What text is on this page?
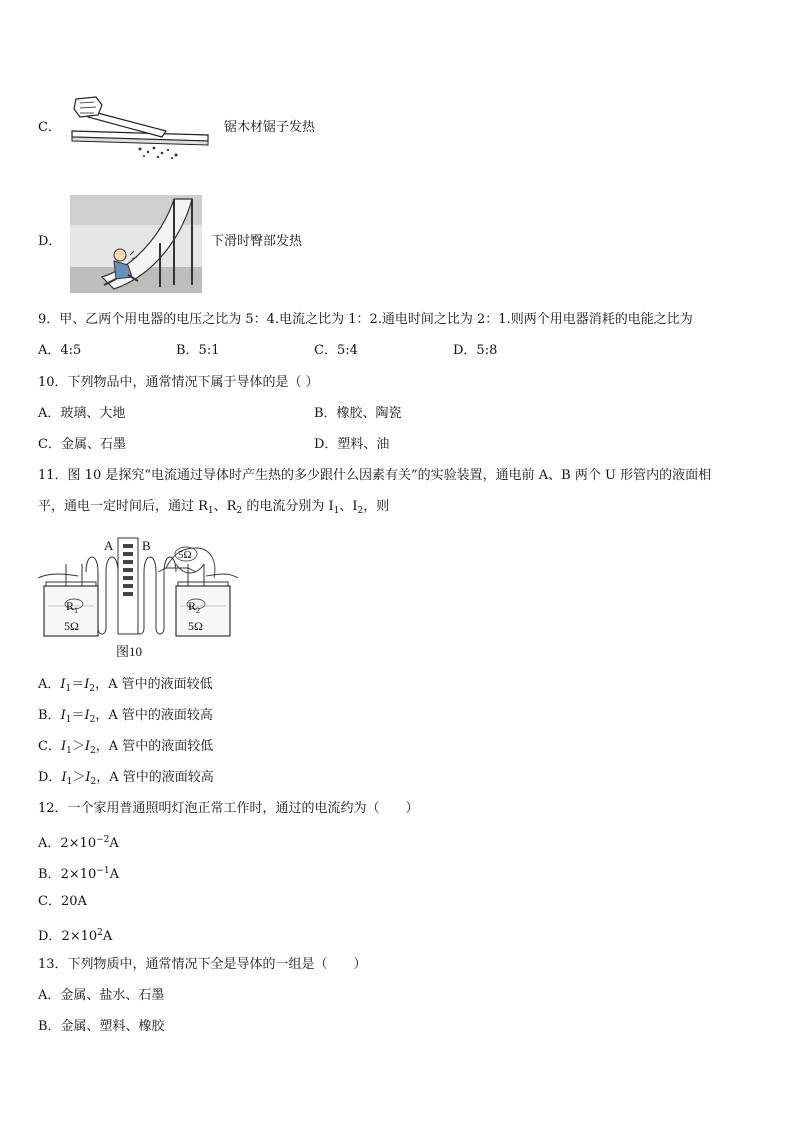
C．	锯木材锯子发热
D．	下滑时臀部发热
9．甲、乙两个用电器的电压之比为 5：4.电流之比为 1：2.通电时间之比为 2：1.则两个用电器消耗的电能之比为
A．4:5	B．5:1	C．5:4	D．5:8
10．下列物品中，通常情况下属于导体的是（ ）
A．玻璃、大地	B．橡胶、陶瓷
C．金属、石墨	D．塑料、油
11．图 10 是探究“电流通过导体时产生热的多少跟什么因素有关”的实验装置，通电前 A、B 两个 U 形管内的液面相
平，通电一定时间后，通过 $R_1$、$R_2$ 的电流分别为 $I_1$、$I_2$，则
A B
5Ω
$R_1$	$R_2$
5Ω	5Ω
图10
A．$I_1=I_2$，A 管中的液面较低
B．$I_1=I_2$，A 管中的液面较高
C．$I_1>I_2$，A 管中的液面较低
D．$I_1>I_2$，A 管中的液面较高
12．一个家用普通照明灯泡正常工作时，通过的电流约为（　　）
A．$2\times 10^{-2}A$
B．$2\times 10^{-1}A$
C．20A
D．$2\times 10^2A$
13．下列物质中，通常情况下全是导体的一组是（　　）
A．金属、盐水、石墨
B．金属、塑料、橡胶
